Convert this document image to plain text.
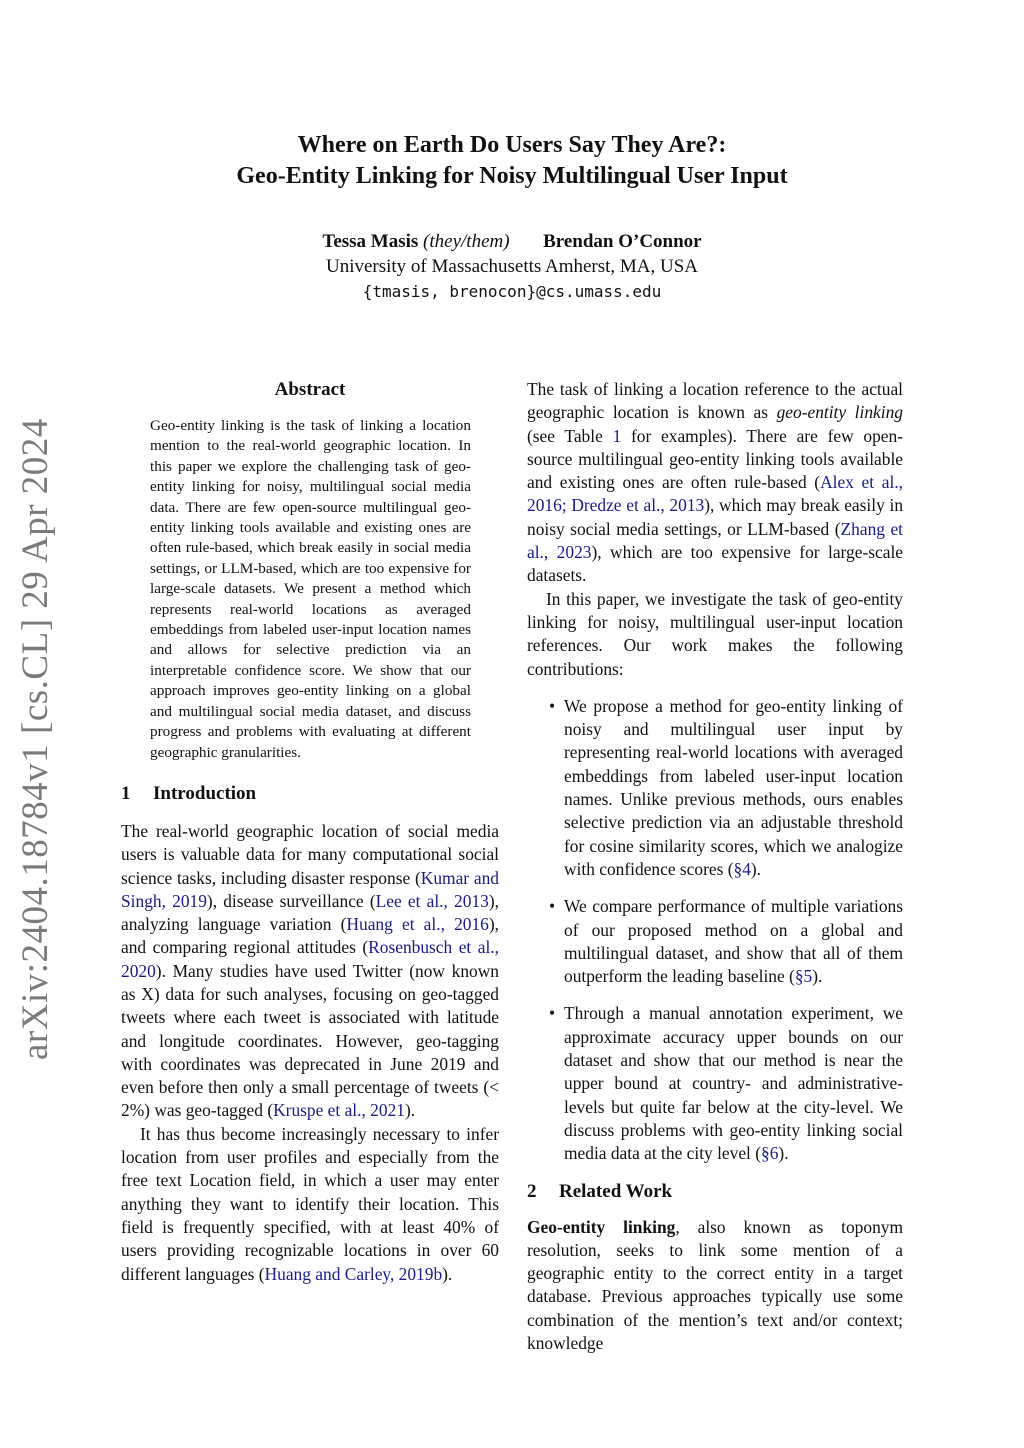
arXiv:2404.18784v1 [cs.CL] 29 Apr 2024

Where on Earth Do Users Say They Are?:

Geo-Entity Linking for Noisy Multilingual User Input

Tessa Masis (they/them) Brendan O’Connor
University of Massachusetts Amherst, MA, USA
{tmasis, brenocon}@cs.umass.edu

Abstract

Geo-entity linking is the task of linking a location mention to the real-world geographic location. In this paper we explore the challenging task of geo-entity linking for noisy, multilingual social media data. There are few open-source multilingual geo-entity linking tools available and existing ones are often rule-based, which break easily in social media settings, or LLM-based, which are too expensive for large-scale datasets. We present a method which represents real-world locations as averaged embeddings from labeled user-input location names and allows for selective prediction via an interpretable confidence score. We show that our approach improves geo-entity linking on a global and multilingual social media dataset, and discuss progress and problems with evaluating at different geographic granularities.

1 Introduction

The real-world geographic location of social media users is valuable data for many computational social science tasks, including disaster response (Kumar and Singh, 2019), disease surveillance (Lee et al., 2013), analyzing language variation (Huang et al., 2016), and comparing regional attitudes (Rosenbusch et al., 2020). Many studies have used Twitter (now known as X) data for such analyses, focusing on geo-tagged tweets where each tweet is associated with latitude and longitude coordinates. However, geo-tagging with coordinates was deprecated in June 2019 and even before then only a small percentage of tweets (< 2%) was geo-tagged (Kruspe et al., 2021).

It has thus become increasingly necessary to infer location from user profiles and especially from the free text Location field, in which a user may enter anything they want to identify their location. This field is frequently specified, with at least 40% of users providing recognizable locations in over 60 different languages (Huang and Carley, 2019b).

The task of linking a location reference to the actual geographic location is known as geo-entity linking (see Table 1 for examples). There are few open-source multilingual geo-entity linking tools available and existing ones are often rule-based (Alex et al., 2016; Dredze et al., 2013), which may break easily in noisy social media settings, or LLM-based (Zhang et al., 2023), which are too expensive for large-scale datasets.

In this paper, we investigate the task of geo-entity linking for noisy, multilingual user-input location references. Our work makes the following contributions:

• We propose a method for geo-entity linking of noisy and multilingual user input by representing real-world locations with averaged embeddings from labeled user-input location names. Unlike previous methods, ours enables selective prediction via an adjustable threshold for cosine similarity scores, which we analogize with confidence scores (§4).

• We compare performance of multiple variations of our proposed method on a global and multilingual dataset, and show that all of them outperform the leading baseline (§5).

• Through a manual annotation experiment, we approximate accuracy upper bounds on our dataset and show that our method is near the upper bound at country- and administrative-levels but quite far below at the city-level. We discuss problems with geo-entity linking social media data at the city level (§6).

2 Related Work

Geo-entity linking, also known as toponym resolution, seeks to link some mention of a geographic entity to the correct entity in a target database. Previous approaches typically use some combination of the mention’s text and/or context; knowledge
